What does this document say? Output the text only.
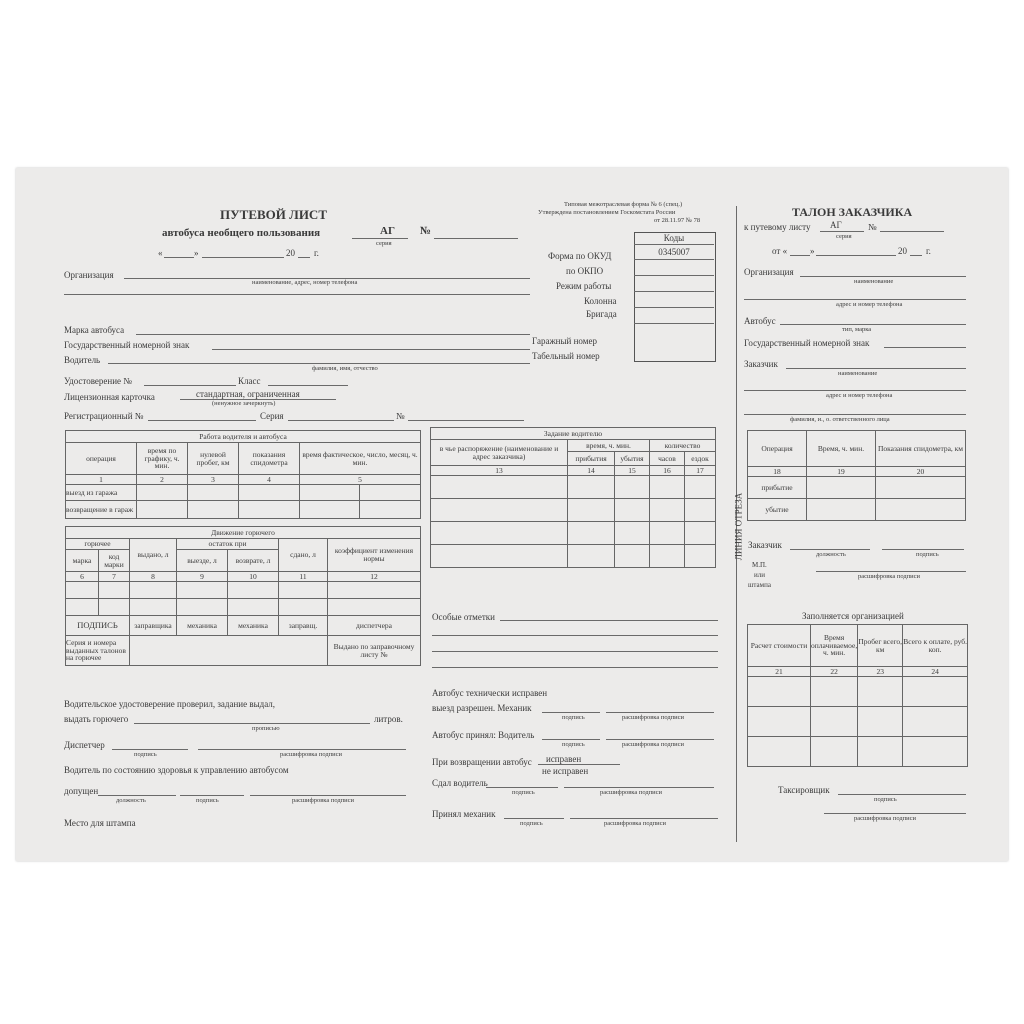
ПУТЕВОЙ ЛИСТ
автобуса необщего пользования	АГ №
серия
«	»	20 г.
Организация
наименование, адрес, номер телефона
Марка автобуса
Государственный номерной знак
Водитель
фамилия, имя, отчество
Гаражный номер
Табельный номер
Удостоверение №	Класс
Лицензионная карточка	стандартная, ограниченная
(ненужное зачеркнуть)
Регистрационный №	Серия	№
Типовая межотраслевая форма № 6 (спец.)
Утверждена постановлением Госкомстата России
от 28.11.97 № 78
Коды
0345007
Форма по ОКУД
по ОКПО
Режим работы
Колонна
Бригада
Работа водителя и автобуса					
операция	время по графику, ч. мин.	нулевой пробег, км	показания спидометра	время фактическое, число, месяц, ч. мин.	
1	2	3	4	5	
выезд из гаража					
возвращение в гараж					
Движение горючего						
горючее		выдано, л	остаток при		сдано, л	коэффициент изменения нормы
марка	код марки		выезде, л	возврате, л		
6	7	8	9	10	11	12

ПОДПИСЬ		заправщика	механика	механика	заправщ.	диспетчера
Серия и номера выданных талонов на горючее						Выдано по заправочному листу №
Задание водителю				
в чье распоряжение (наименование и адрес заказчика)	время, ч. мин.		количество	
	прибытия	убытия	часов	ездок
13	14	15	16	17

Водительское удостоверение проверил, задание выдал,
выдать горючего	литров.
прописью
Диспетчер
подпись	расшифровка подписи
Водитель по состоянию здоровья к управлению автобусом
допущен
должность	подпись	расшифровка подписи
Место для штампа
Особые отметки
Автобус технически исправен
выезд разрешен. Механик
подпись	расшифровка подписи
Автобус принял: Водитель
подпись	расшифровка подписи
При возвращении автобус исправен
не исправен
Сдал водитель
подпись	расшифровка подписи
Принял механик
подпись	расшифровка подписи
ЛИНИЯ ОТРЕЗА
ТАЛОН ЗАКАЗЧИКА
к путевому листу АГ	№
серия
от «	»	20 г.
Организация
наименование
адрес и номер телефона
Автобус
тип, марка
Государственный номерной знак
Заказчик
наименование
адрес и номер телефона
фамилия, и., о. ответственного лица
Операция	Время, ч. мин.	Показания спидометра, км
18	19	20
прибытие		
убытие		
Заказчик
должность	подпись
М.П.
или
штампа
расшифровка подписи
Заполняется организацией
Расчет стоимости	Время оплачиваемое, ч. мин.	Пробег всего, км	Всего к оплате, руб. коп.
21	22	23	24

Таксировщик
подпись
расшифровка подписи
